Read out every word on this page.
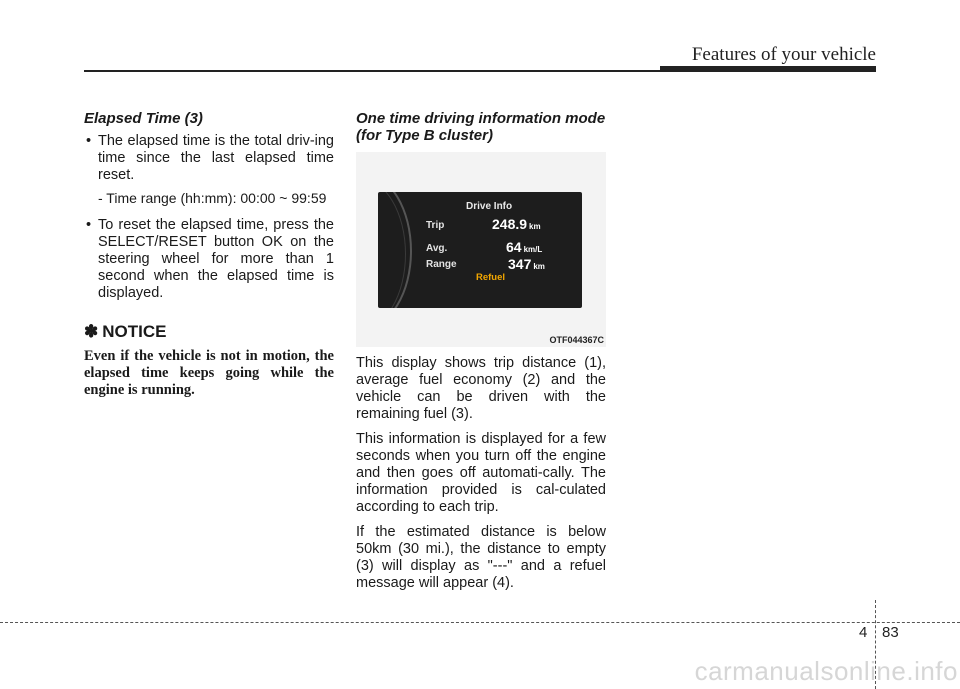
Features of your vehicle
Elapsed Time (3)
• The elapsed time is the total driv-ing time since the last elapsed time reset.
- Time range (hh:mm): 00:00 ~ 99:59
• To reset the elapsed time, press the SELECT/RESET button OK on the steering wheel for more than 1 second when the elapsed time is displayed.
✽ NOTICE

Even if the vehicle is not in motion, the elapsed time keeps going while the engine is running.

One time driving information mode (for Type B cluster)
Drive Info
Trip	248.9 km
Avg.	64 km/L
Range	347 km
Refuel
OTF044367C

This display shows trip distance (1), average fuel economy (2) and the vehicle can be driven with the remaining fuel (3).

This information is displayed for a few seconds when you turn off the engine and then goes off automati-cally. The information provided is cal-culated according to each trip.

If the estimated distance is below 50km (30 mi.), the distance to empty (3) will display as "---" and a refuel message will appear (4).

4 83
carmanualsonline.info
